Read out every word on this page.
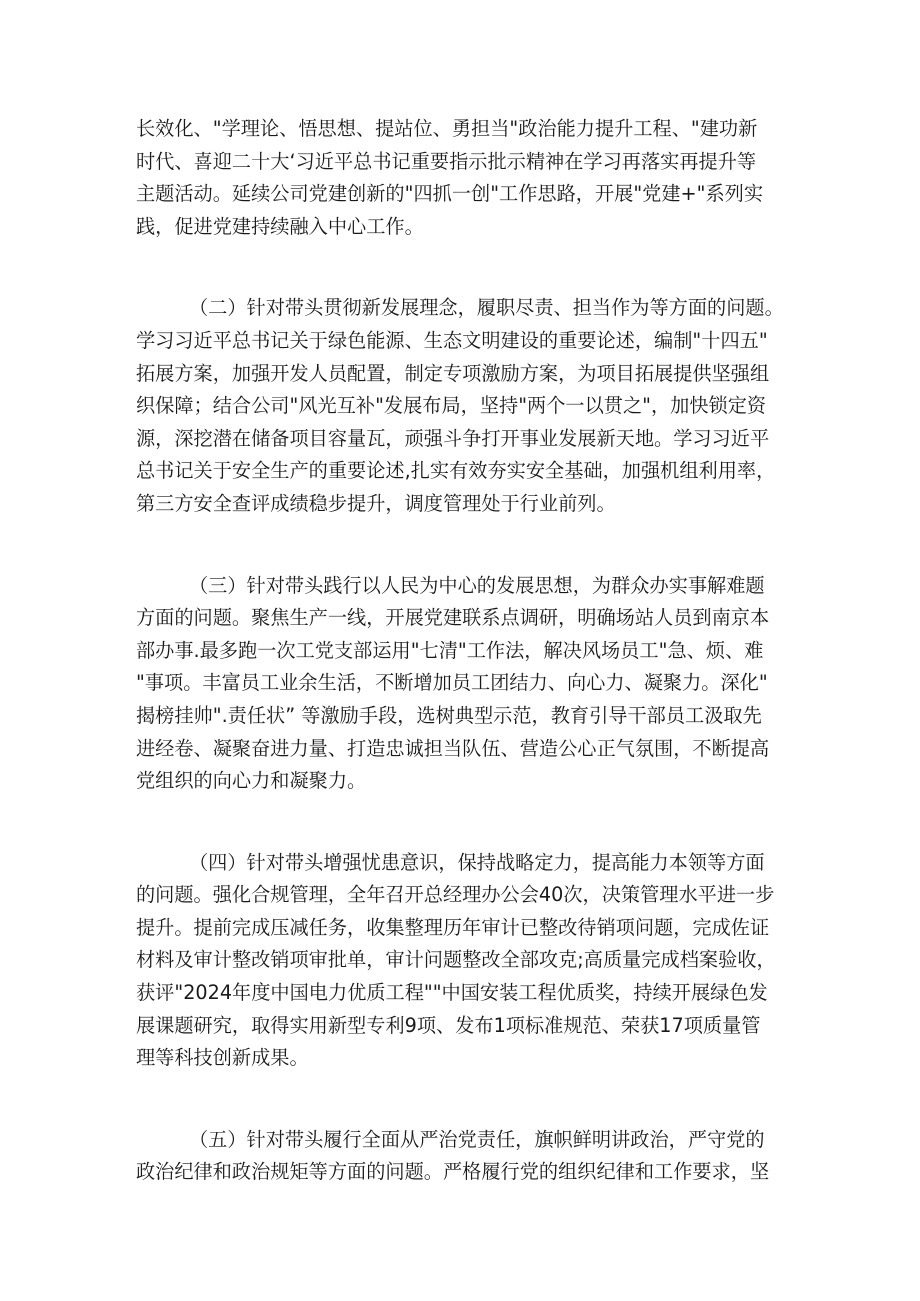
长效化、"学理论、悟思想、提站位、勇担当"政治能力提升工程、"建功新
时代、喜迎二十大‘习近平总书记重要指示批示精神在学习再落实再提升等
主题活动。延续公司党建创新的"四抓一创"工作思路，开展"党建+"系列实
践，促进党建持续融入中心工作。
（二）针对带头贯彻新发展理念，履职尽责、担当作为等方面的问题。
学习习近平总书记关于绿色能源、生态文明建设的重要论述，编制"十四五"
拓展方案，加强开发人员配置，制定专项激励方案，为项目拓展提供坚强组
织保障；结合公司"风光互补"发展布局，坚持"两个一以贯之"，加快锁定资
源，深挖潜在储备项目容量瓦，顽强斗争打开事业发展新天地。学习习近平
总书记关于安全生产的重要论述,扎实有效夯实安全基础，加强机组利用率，
第三方安全查评成绩稳步提升，调度管理处于行业前列。
（三）针对带头践行以人民为中心的发展思想，为群众办实事解难题
方面的问题。聚焦生产一线，开展党建联系点调研，明确场站人员到南京本
部办事.最多跑一次工党支部运用"七清"工作法，解决风场员工"急、烦、难
"事项。丰富员工业余生活，不断增加员工团结力、向心力、凝聚力。深化"
揭榜挂帅".责任状” 等激励手段，选树典型示范，教育引导干部员工汲取先
进经卷、凝聚奋进力量、打造忠诚担当队伍、营造公心正气氛围，不断提高
党组织的向心力和凝聚力。
（四）针对带头增强忧患意识，保持战略定力，提高能力本领等方面
的问题。强化合规管理，全年召开总经理办公会40次，决策管理水平进一步
提升。提前完成压减任务，收集整理历年审计已整改待销项问题，完成佐证
材料及审计整改销项审批单，审计问题整改全部攻克;高质量完成档案验收，
获评"2024年度中国电力优质工程""中国安装工程优质奖，持续开展绿色发
展课题研究，取得实用新型专利9项、发布1项标准规范、荣获17项质量管
理等科技创新成果。
（五）针对带头履行全面从严治党责任，旗帜鲜明讲政治，严守党的
政治纪律和政治规矩等方面的问题。严格履行党的组织纪律和工作要求，坚
